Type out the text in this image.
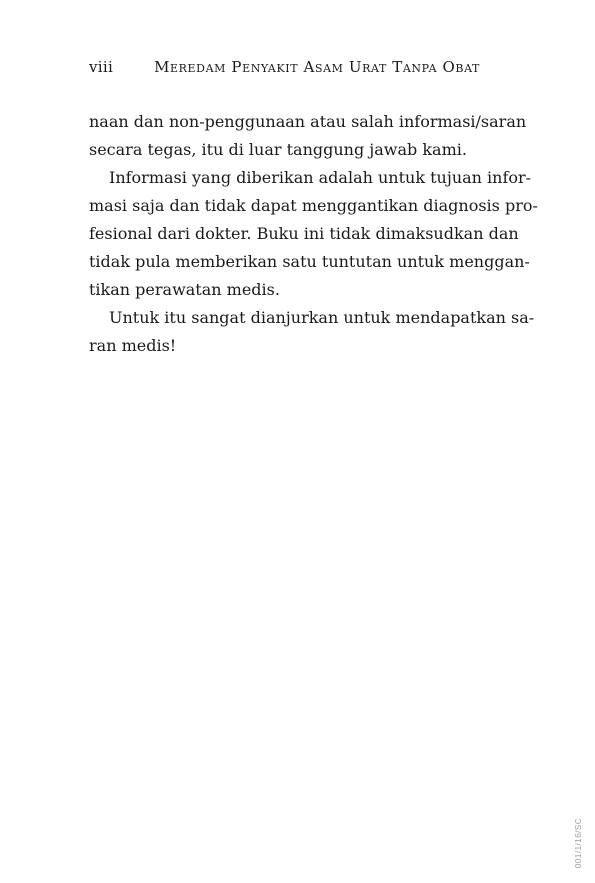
viii	Meredam Penyakit Asam Urat Tanpa Obat

naan dan non-penggunaan atau salah informasi/saran
secara tegas, itu di luar tanggung jawab kami.

Informasi yang diberikan adalah untuk tujuan infor-
masi saja dan tidak dapat menggantikan diagnosis pro-
fesional dari dokter. Buku ini tidak dimaksudkan dan
tidak pula memberikan satu tuntutan untuk menggan-
tikan perawatan medis.

Untuk itu sangat dianjurkan untuk mendapatkan sa-
ran medis!

001/1/16/SC
